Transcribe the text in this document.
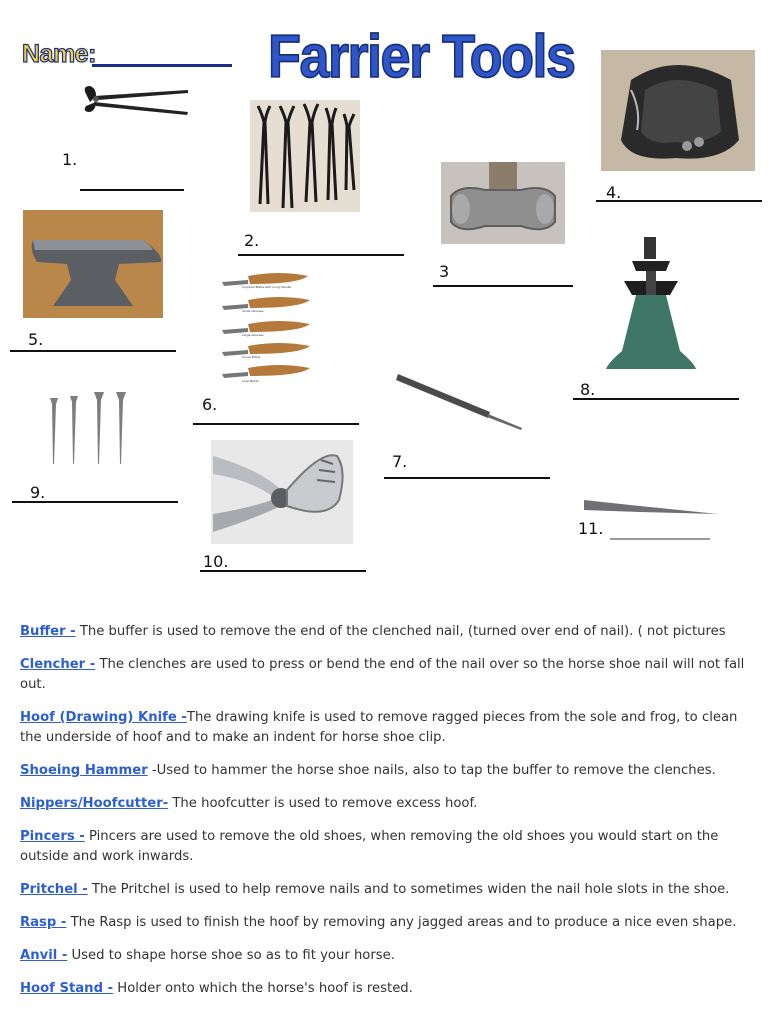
Name:	Farrier Tools
1.
2.
3
4.
5.
Cropped Blade with Long Handle
Small Abscess
Large Abscess
Curve Blade
Loop Blade
6.
7.
8.
9.
10.
11.
Buffer - The buffer is used to remove the end of the clenched nail, (turned over end of nail). ( not pictures
Clencher - The clenches are used to press or bend the end of the nail over so the horse shoe nail will not fall out.
Hoof (Drawing) Knife -The drawing knife is used to remove ragged pieces from the sole and frog, to clean the underside of hoof and to make an indent for horse shoe clip.
Shoeing Hammer -Used to hammer the horse shoe nails, also to tap the buffer to remove the clenches.
Nippers/Hoofcutter- The hoofcutter is used to remove excess hoof.
Pincers - Pincers are used to remove the old shoes, when removing the old shoes you would start on the outside and work inwards.
Pritchel - The Pritchel is used to help remove nails and to sometimes widen the nail hole slots in the shoe.
Rasp - The Rasp is used to finish the hoof by removing any jagged areas and to produce a nice even shape.
Anvil - Used to shape horse shoe so as to fit your horse.
Hoof Stand - Holder onto which the horse's hoof is rested.
